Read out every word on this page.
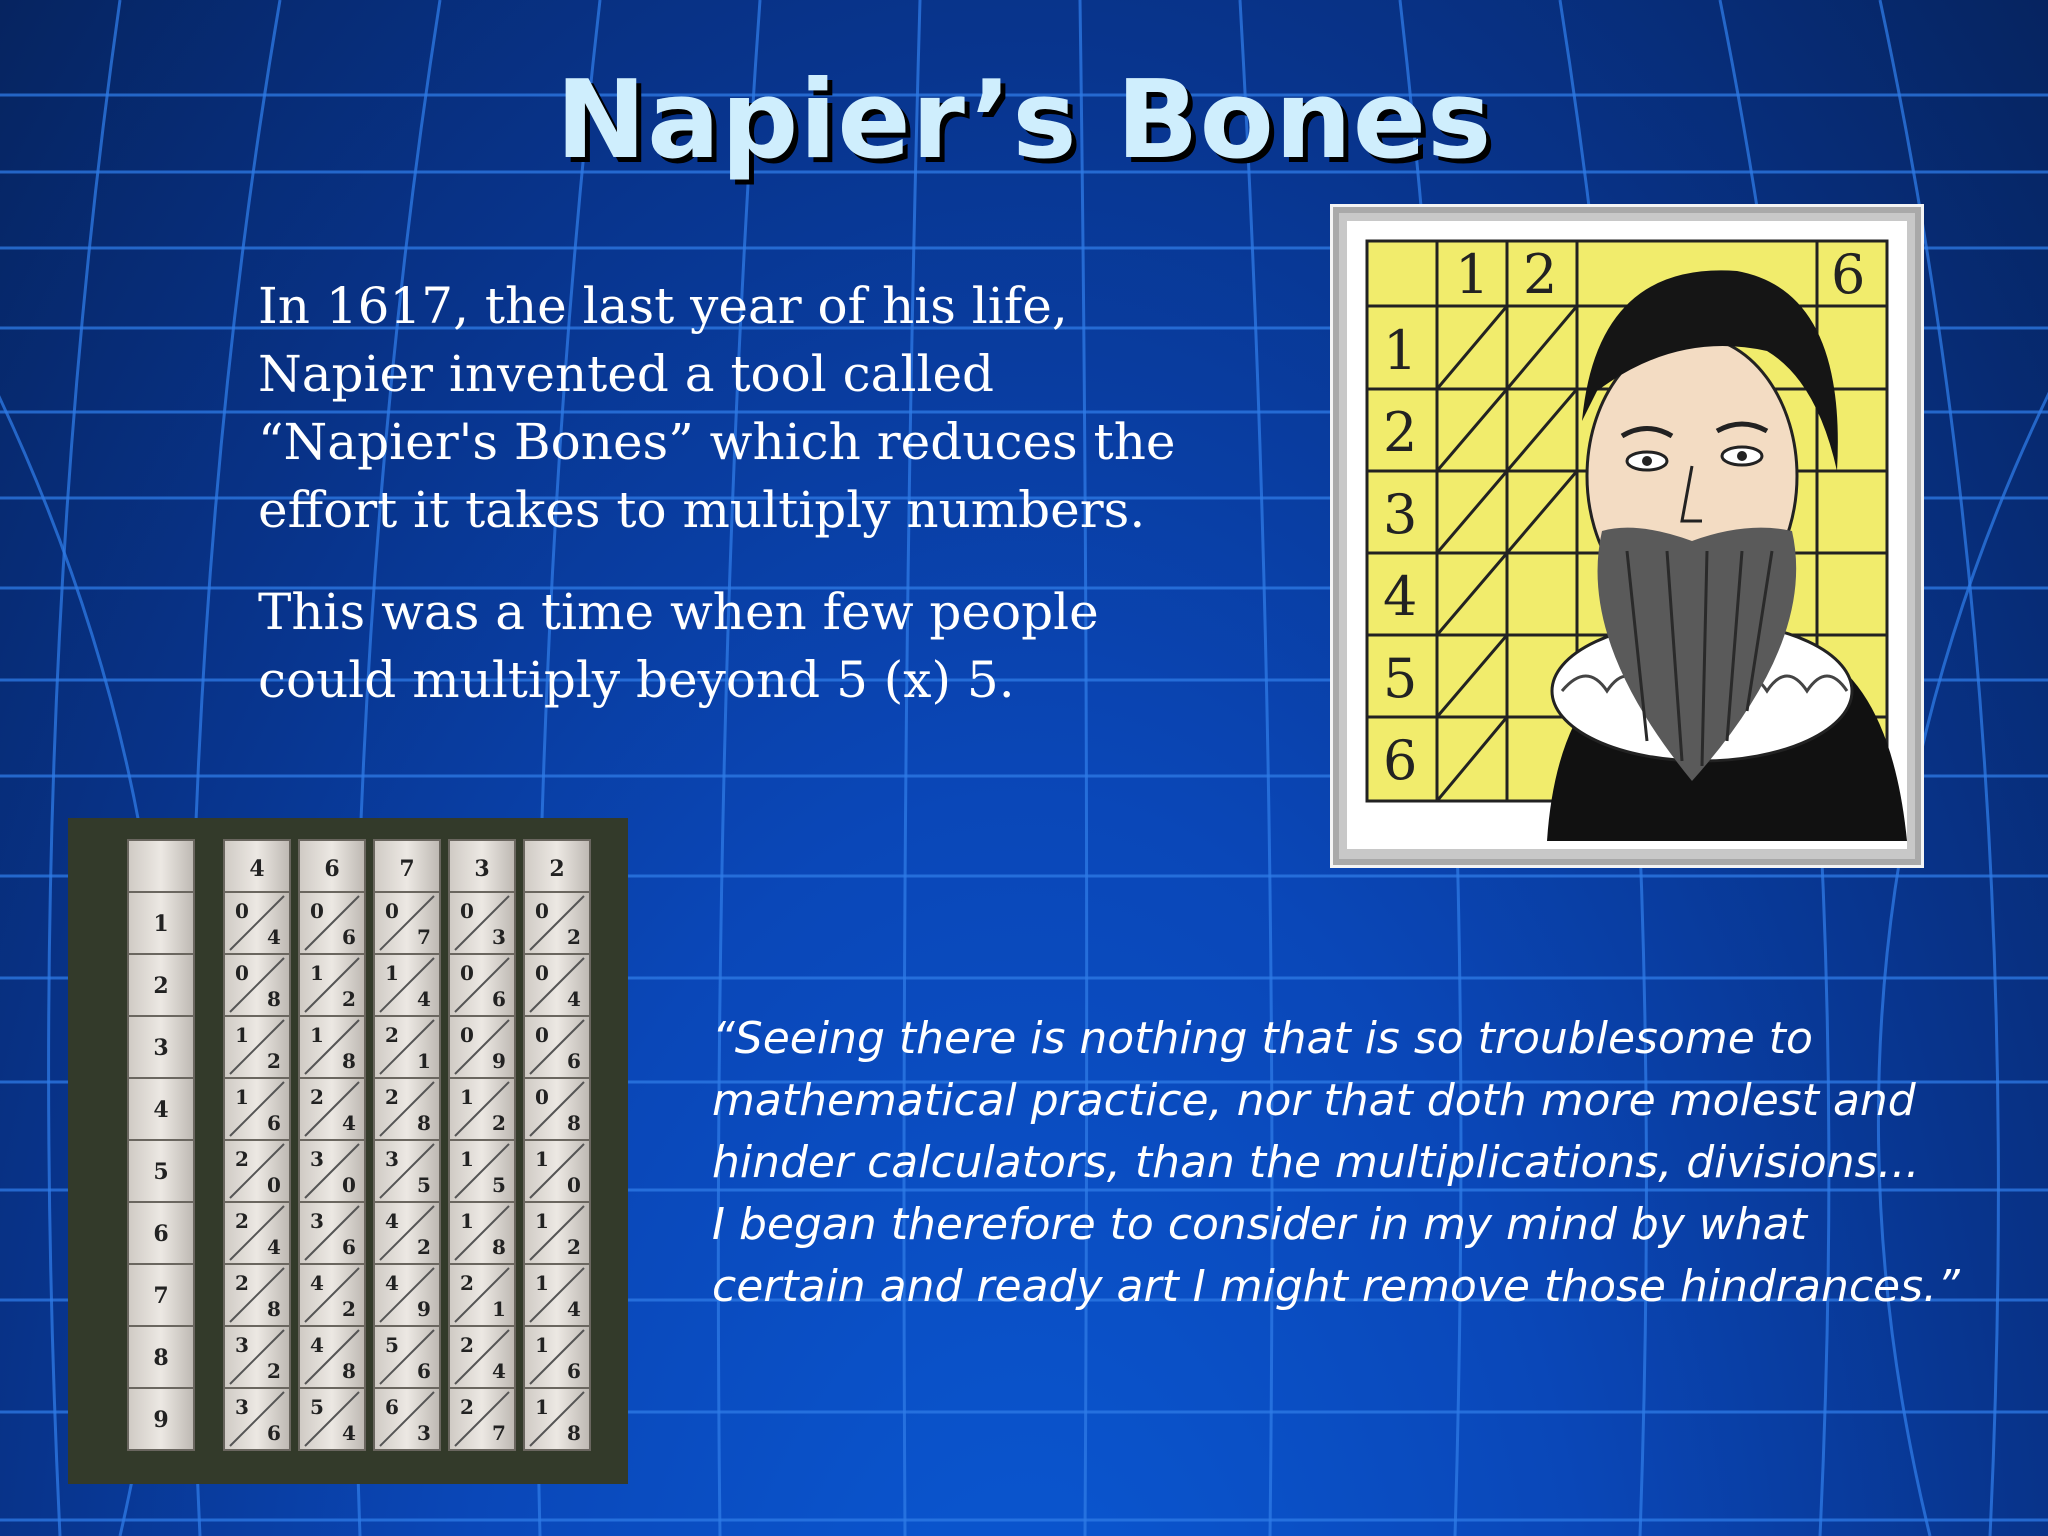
Napier’s Bones

In 1617, the last year of his life, Napier invented a tool called “Napier's Bones” which reduces the effort it takes to multiply numbers.

This was a time when few people could multiply beyond 5 (x) 5.

1 2	6
1
2
3
4
5
6
1
2
3
4
5
6
7
8
9
4
0
4
0
8
1
2
1
6
2
0
2
4
2
8
3
2
3
6
6
0
6
1
2
1
8
2
4
3
0
3
6
4
2
4
8
5
4
7
0
7
1
4
2
1
2
8
3
5
4
2
4
9
5
6
6
3
3
0
3
0
6
0
9
1
2
1
5
1
8
2
1
2
4
2
7
2
0
2
0
4
0
6
0
8
1
0
1
2
1
4
1
6
1
8
“Seeing there is nothing that is so troublesome to
mathematical practice, nor that doth more molest and
hinder calculators, than the multiplications, divisions...
I began therefore to consider in my mind by what
certain and ready art I might remove those hindrances.”
